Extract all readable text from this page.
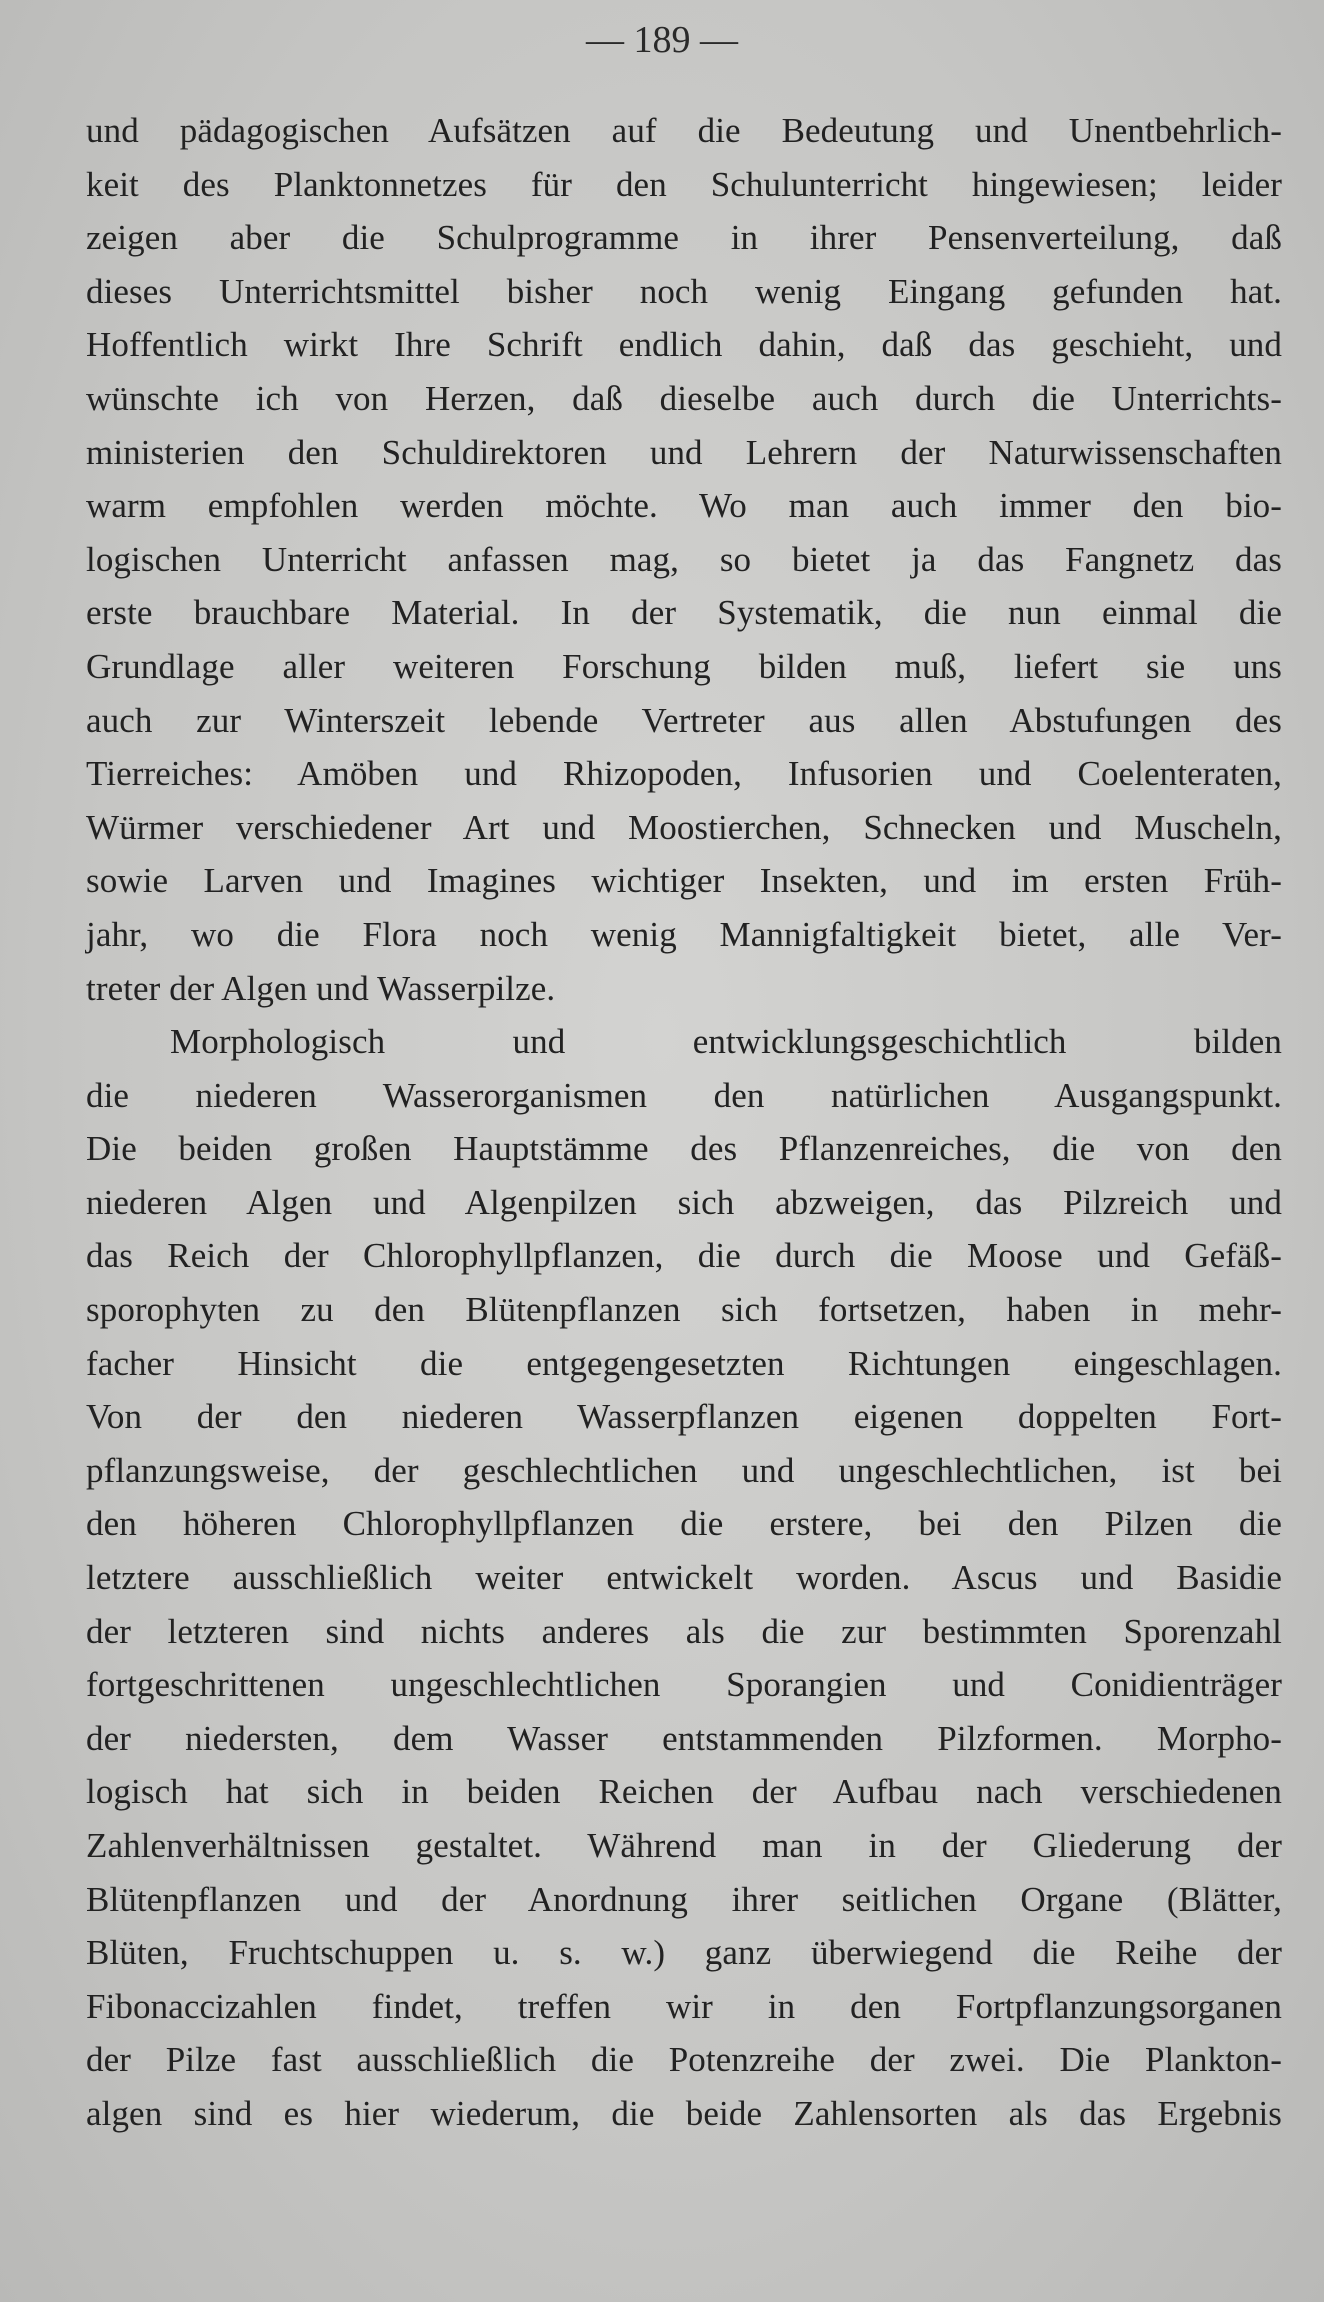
— 189 —

und pädagogischen Aufsätzen auf die Bedeutung und Unentbehrlich-
keit des Planktonnetzes für den Schulunterricht hingewiesen; leider
zeigen aber die Schulprogramme in ihrer Pensenverteilung, daß
dieses Unterrichtsmittel bisher noch wenig Eingang gefunden hat.
Hoffentlich wirkt Ihre Schrift endlich dahin, daß das geschieht, und
wünschte ich von Herzen, daß dieselbe auch durch die Unterrichts-
ministerien den Schuldirektoren und Lehrern der Naturwissenschaften
warm empfohlen werden möchte. Wo man auch immer den bio-
logischen Unterricht anfassen mag, so bietet ja das Fangnetz das
erste brauchbare Material. In der Systematik, die nun einmal die
Grundlage aller weiteren Forschung bilden muß, liefert sie uns
auch zur Winterszeit lebende Vertreter aus allen Abstufungen des
Tierreiches: Amöben und Rhizopoden, Infusorien und Coelenteraten,
Würmer verschiedener Art und Moostierchen, Schnecken und Muscheln,
sowie Larven und Imagines wichtiger Insekten, und im ersten Früh-
jahr, wo die Flora noch wenig Mannigfaltigkeit bietet, alle Ver-
treter der Algen und Wasserpilze.

Morphologisch und entwicklungsgeschichtlich bilden
die niederen Wasserorganismen den natürlichen Ausgangspunkt.
Die beiden großen Hauptstämme des Pflanzenreiches, die von den
niederen Algen und Algenpilzen sich abzweigen, das Pilzreich und
das Reich der Chlorophyllpflanzen, die durch die Moose und Gefäß-
sporophyten zu den Blütenpflanzen sich fortsetzen, haben in mehr-
facher Hinsicht die entgegengesetzten Richtungen eingeschlagen.
Von der den niederen Wasserpflanzen eigenen doppelten Fort-
pflanzungsweise, der geschlechtlichen und ungeschlechtlichen, ist bei
den höheren Chlorophyllpflanzen die erstere, bei den Pilzen die
letztere ausschließlich weiter entwickelt worden. Ascus und Basidie
der letzteren sind nichts anderes als die zur bestimmten Sporenzahl
fortgeschrittenen ungeschlechtlichen Sporangien und Conidienträger
der niedersten, dem Wasser entstammenden Pilzformen. Morpho-
logisch hat sich in beiden Reichen der Aufbau nach verschiedenen
Zahlenverhältnissen gestaltet. Während man in der Gliederung der
Blütenpflanzen und der Anordnung ihrer seitlichen Organe (Blätter,
Blüten, Fruchtschuppen u. s. w.) ganz überwiegend die Reihe der
Fibonaccizahlen findet, treffen wir in den Fortpflanzungsorganen
der Pilze fast ausschließlich die Potenzreihe der zwei. Die Plankton-
algen sind es hier wiederum, die beide Zahlensorten als das Ergebnis
